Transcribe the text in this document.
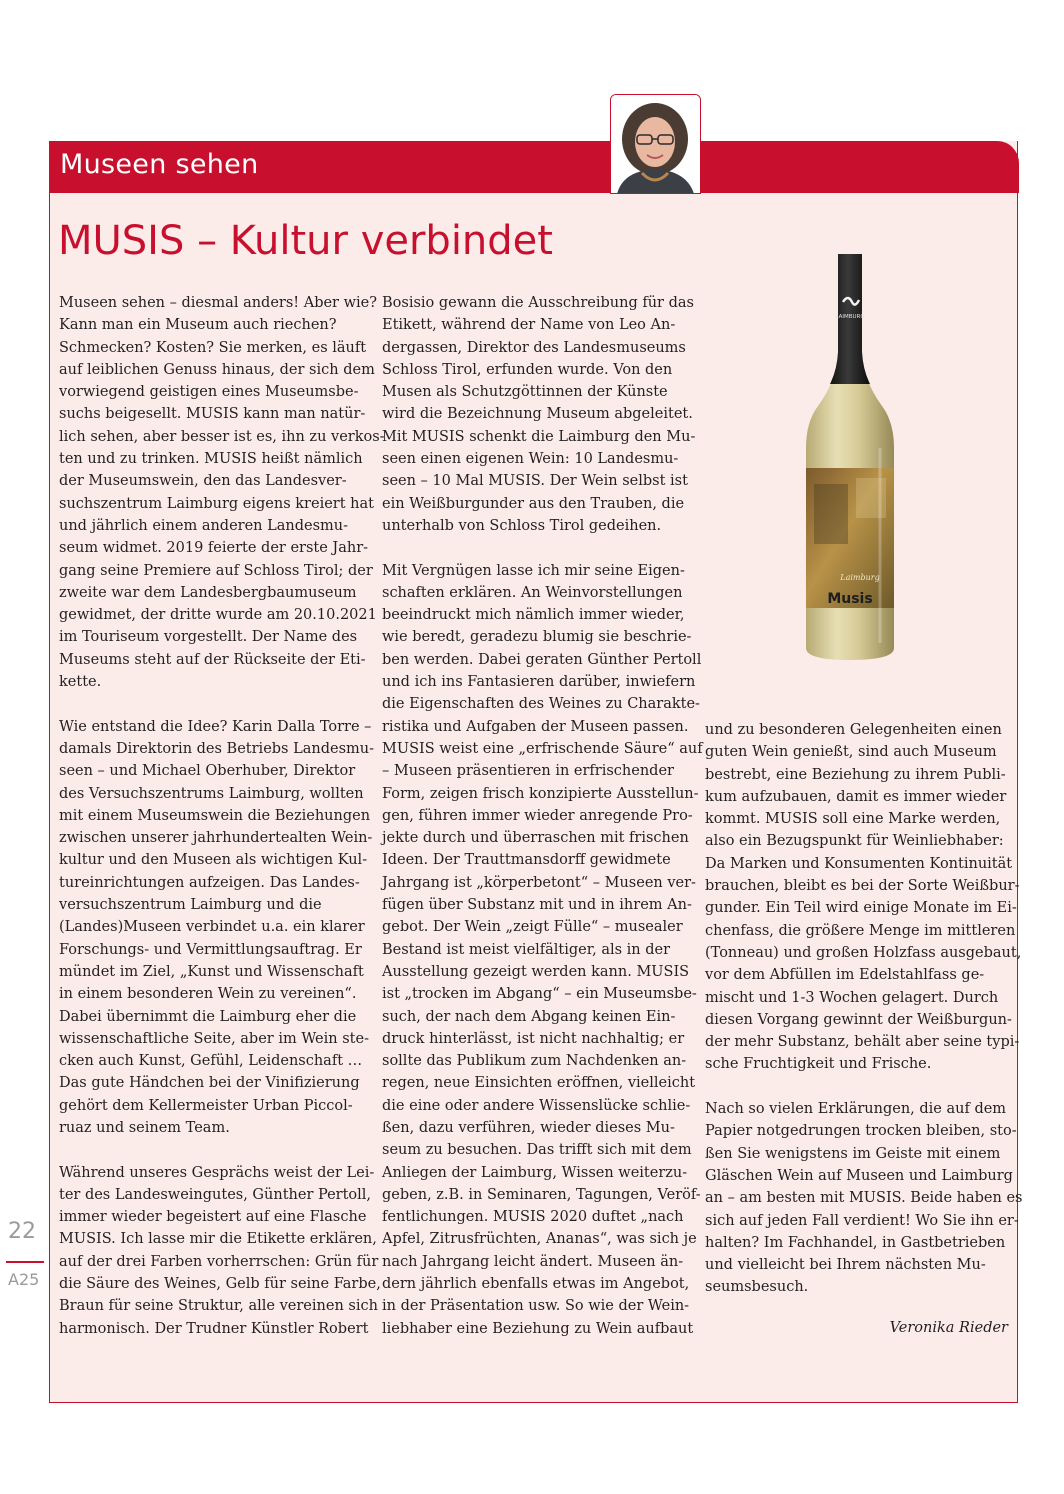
Museen sehen
MUSIS – Kultur verbindet

Museen sehen – diesmal anders! Aber wie?
Kann man ein Museum auch riechen?
Schmecken? Kosten? Sie merken, es läuft
auf leiblichen Genuss hinaus, der sich dem
vorwiegend geistigen eines Museumsbe-
suchs beigesellt. MUSIS kann man natür-
lich sehen, aber besser ist es, ihn zu verkos-
ten und zu trinken. MUSIS heißt nämlich
der Museumswein, den das Landesver-
suchszentrum Laimburg eigens kreiert hat
und jährlich einem anderen Landesmu-
seum widmet. 2019 feierte der erste Jahr-
gang seine Premiere auf Schloss Tirol; der
zweite war dem Landesbergbaumuseum
gewidmet, der dritte wurde am 20.10.2021
im Touriseum vorgestellt. Der Name des
Museums steht auf der Rückseite der Eti-
kette.

Wie entstand die Idee? Karin Dalla Torre –
damals Direktorin des Betriebs Landesmu-
seen – und Michael Oberhuber, Direktor
des Versuchszentrums Laimburg, wollten
mit einem Museumswein die Beziehungen
zwischen unserer jahrhundertealten Wein-
kultur und den Museen als wichtigen Kul-
tureinrichtungen aufzeigen. Das Landes-
versuchszentrum Laimburg und die
(Landes)Museen verbindet u.a. ein klarer
Forschungs- und Vermittlungsauftrag. Er
mündet im Ziel, „Kunst und Wissenschaft
in einem besonderen Wein zu vereinen“.
Dabei übernimmt die Laimburg eher die
wissenschaftliche Seite, aber im Wein ste-
cken auch Kunst, Gefühl, Leidenschaft …
Das gute Händchen bei der Vinifizierung
gehört dem Kellermeister Urban Piccol-
ruaz und seinem Team.

Während unseres Gesprächs weist der Lei-
ter des Landesweingutes, Günther Pertoll,
immer wieder begeistert auf eine Flasche
MUSIS. Ich lasse mir die Etikette erklären,
auf der drei Farben vorherrschen: Grün für
die Säure des Weines, Gelb für seine Farbe,
Braun für seine Struktur, alle vereinen sich
harmonisch. Der Trudner Künstler Robert

Bosisio gewann die Ausschreibung für das
Etikett, während der Name von Leo An-
dergassen, Direktor des Landesmuseums
Schloss Tirol, erfunden wurde. Von den
Musen als Schutzgöttinnen der Künste
wird die Bezeichnung Museum abgeleitet.
Mit MUSIS schenkt die Laimburg den Mu-
seen einen eigenen Wein: 10 Landesmu-
seen – 10 Mal MUSIS. Der Wein selbst ist
ein Weißburgunder aus den Trauben, die
unterhalb von Schloss Tirol gedeihen.

Mit Vergnügen lasse ich mir seine Eigen-
schaften erklären. An Weinvorstellungen
beeindruckt mich nämlich immer wieder,
wie beredt, geradezu blumig sie beschrie-
ben werden. Dabei geraten Günther Pertoll
und ich ins Fantasieren darüber, inwiefern
die Eigenschaften des Weines zu Charakte-
ristika und Aufgaben der Museen passen.
MUSIS weist eine „erfrischende Säure“ auf
– Museen präsentieren in erfrischender
Form, zeigen frisch konzipierte Ausstellun-
gen, führen immer wieder anregende Pro-
jekte durch und überraschen mit frischen
Ideen. Der Trauttmansdorff gewidmete
Jahrgang ist „körperbetont“ – Museen ver-
fügen über Substanz mit und in ihrem An-
gebot. Der Wein „zeigt Fülle“ – musealer
Bestand ist meist vielfältiger, als in der
Ausstellung gezeigt werden kann. MUSIS
ist „trocken im Abgang“ – ein Museumsbe-
such, der nach dem Abgang keinen Ein-
druck hinterlässt, ist nicht nachhaltig; er
sollte das Publikum zum Nachdenken an-
regen, neue Einsichten eröffnen, vielleicht
die eine oder andere Wissenslücke schlie-
ßen, dazu verführen, wieder dieses Mu-
seum zu besuchen. Das trifft sich mit dem
Anliegen der Laimburg, Wissen weiterzu-
geben, z.B. in Seminaren, Tagungen, Veröf-
fentlichungen. MUSIS 2020 duftet „nach
Apfel, Zitrusfrüchten, Ananas“, was sich je
nach Jahrgang leicht ändert. Museen än-
dern jährlich ebenfalls etwas im Angebot,
in der Präsentation usw. So wie der Wein-
liebhaber eine Beziehung zu Wein aufbaut

und zu besonderen Gelegenheiten einen
guten Wein genießt, sind auch Museum
bestrebt, eine Beziehung zu ihrem Publi-
kum aufzubauen, damit es immer wieder
kommt. MUSIS soll eine Marke werden,
also ein Bezugspunkt für Weinliebhaber:
Da Marken und Konsumenten Kontinuität
brauchen, bleibt es bei der Sorte Weißbur-
gunder. Ein Teil wird einige Monate im Ei-
chenfass, die größere Menge im mittleren
(Tonneau) und großen Holzfass ausgebaut,
vor dem Abfüllen im Edelstahlfass ge-
mischt und 1-3 Wochen gelagert. Durch
diesen Vorgang gewinnt der Weißburgun-
der mehr Substanz, behält aber seine typi-
sche Fruchtigkeit und Frische.

Nach so vielen Erklärungen, die auf dem
Papier notgedrungen trocken bleiben, sto-
ßen Sie wenigstens im Geiste mit einem
Gläschen Wein auf Museen und Laimburg
an – am besten mit MUSIS. Beide haben es
sich auf jeden Fall verdient! Wo Sie ihn er-
halten? Im Fachhandel, in Gastbetrieben
und vielleicht bei Ihrem nächsten Mu-
seumsbesuch.

Veronika Rieder

LAIMBURG
Laimburg
Musis
22
A25
